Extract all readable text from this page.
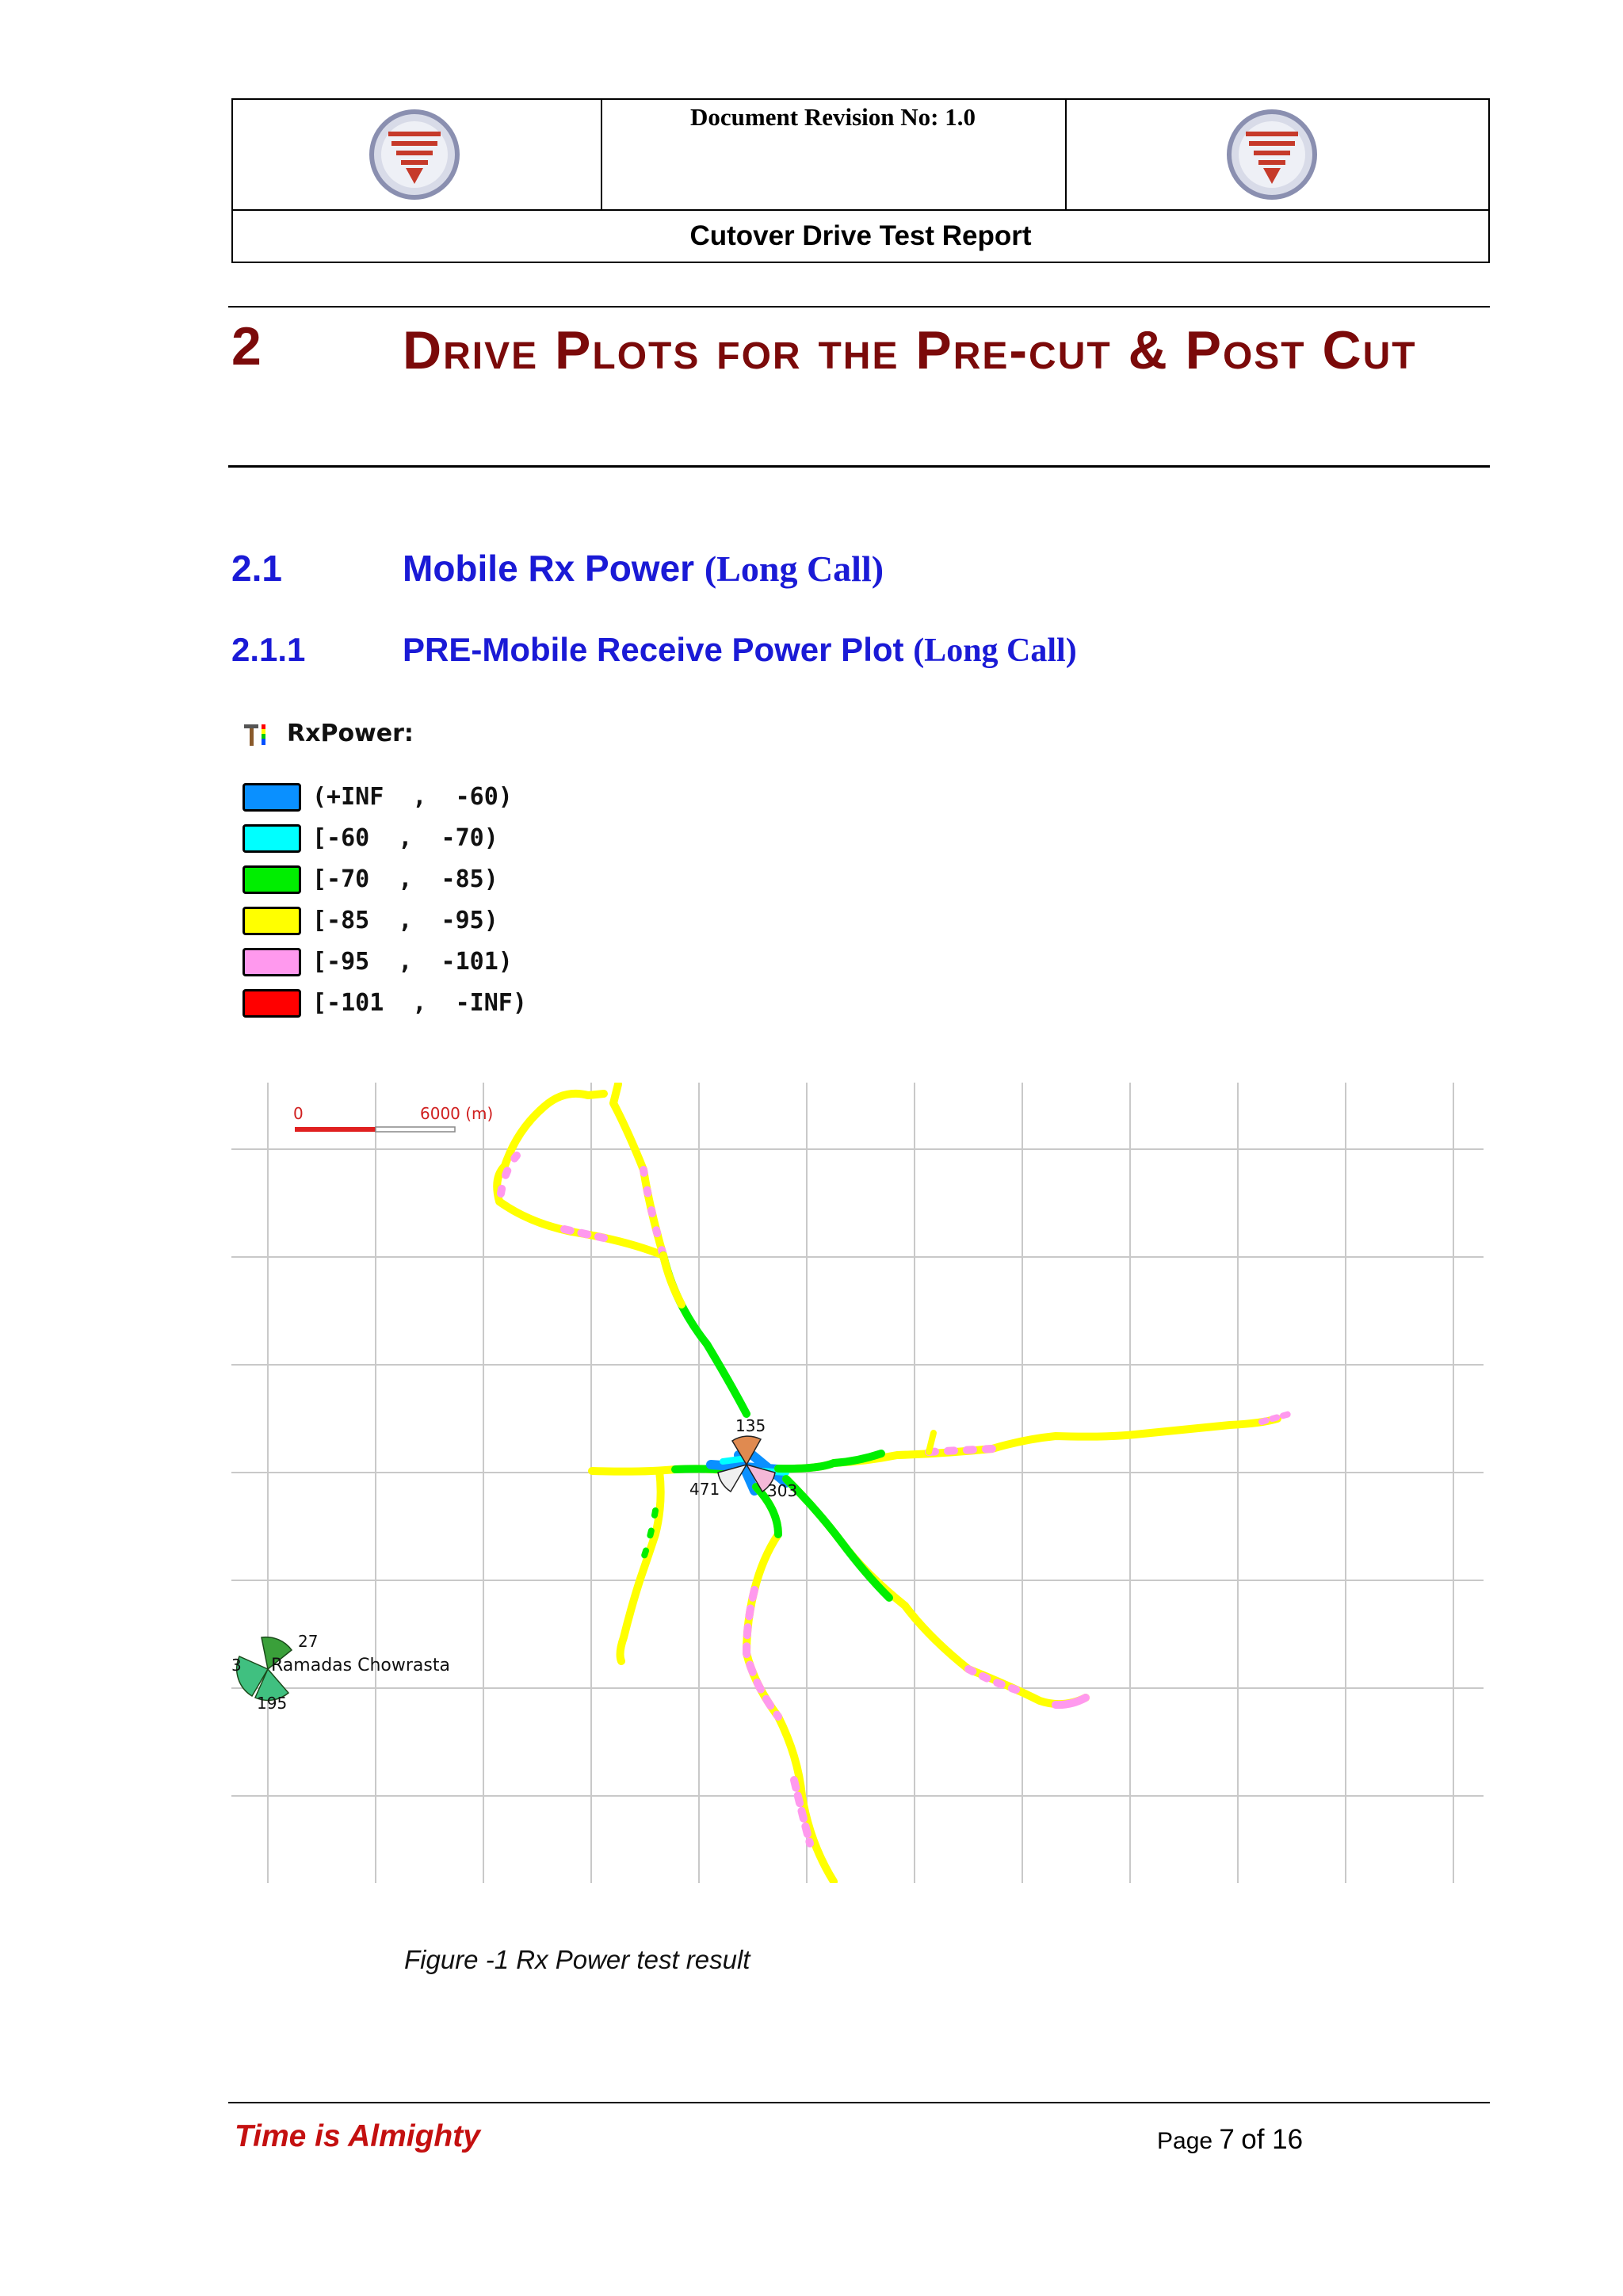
Document Revision No: 1.0
Cutover Drive Test Report
2	Drive Plots for the Pre-cut & Post Cut
2.1	Mobile Rx Power (Long Call)
2.1.1	PRE-Mobile Receive Power Plot (Long Call)
RxPower:
(+INF  ,  -60)
[-60  ,  -70)
[-70  ,  -85)
[-85  ,  -95)
[-95  ,  -101)
[-101  ,  -INF)
0	6000 (m)
135
471	303
27
195
3 Ramadas Chowrasta
Figure -1 Rx Power test result
Time is Almighty	Page 7 of 16
